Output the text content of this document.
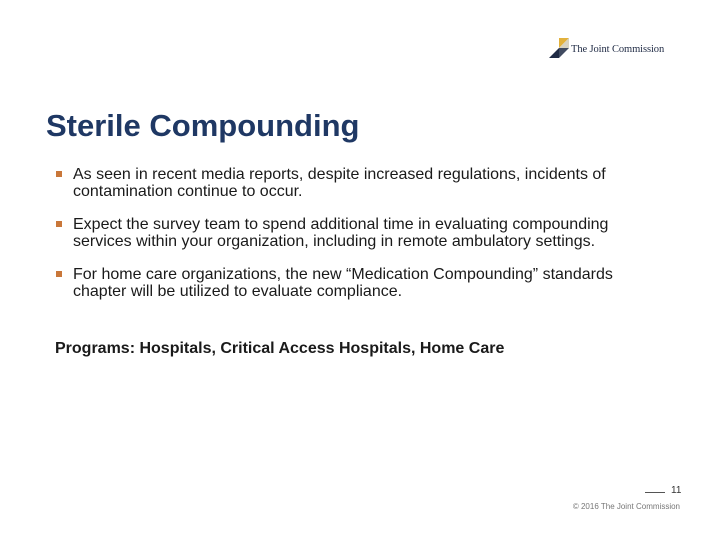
The Joint Commission
Sterile Compounding
As seen in recent media reports, despite increased regulations, incidents of contamination continue to occur.
Expect the survey team to spend additional time in evaluating compounding services within your organization, including in remote ambulatory settings.
For home care organizations, the new “Medication Compounding” standards chapter will be utilized to evaluate compliance.
Programs: Hospitals, Critical Access Hospitals, Home Care
11
© 2016 The Joint Commission
